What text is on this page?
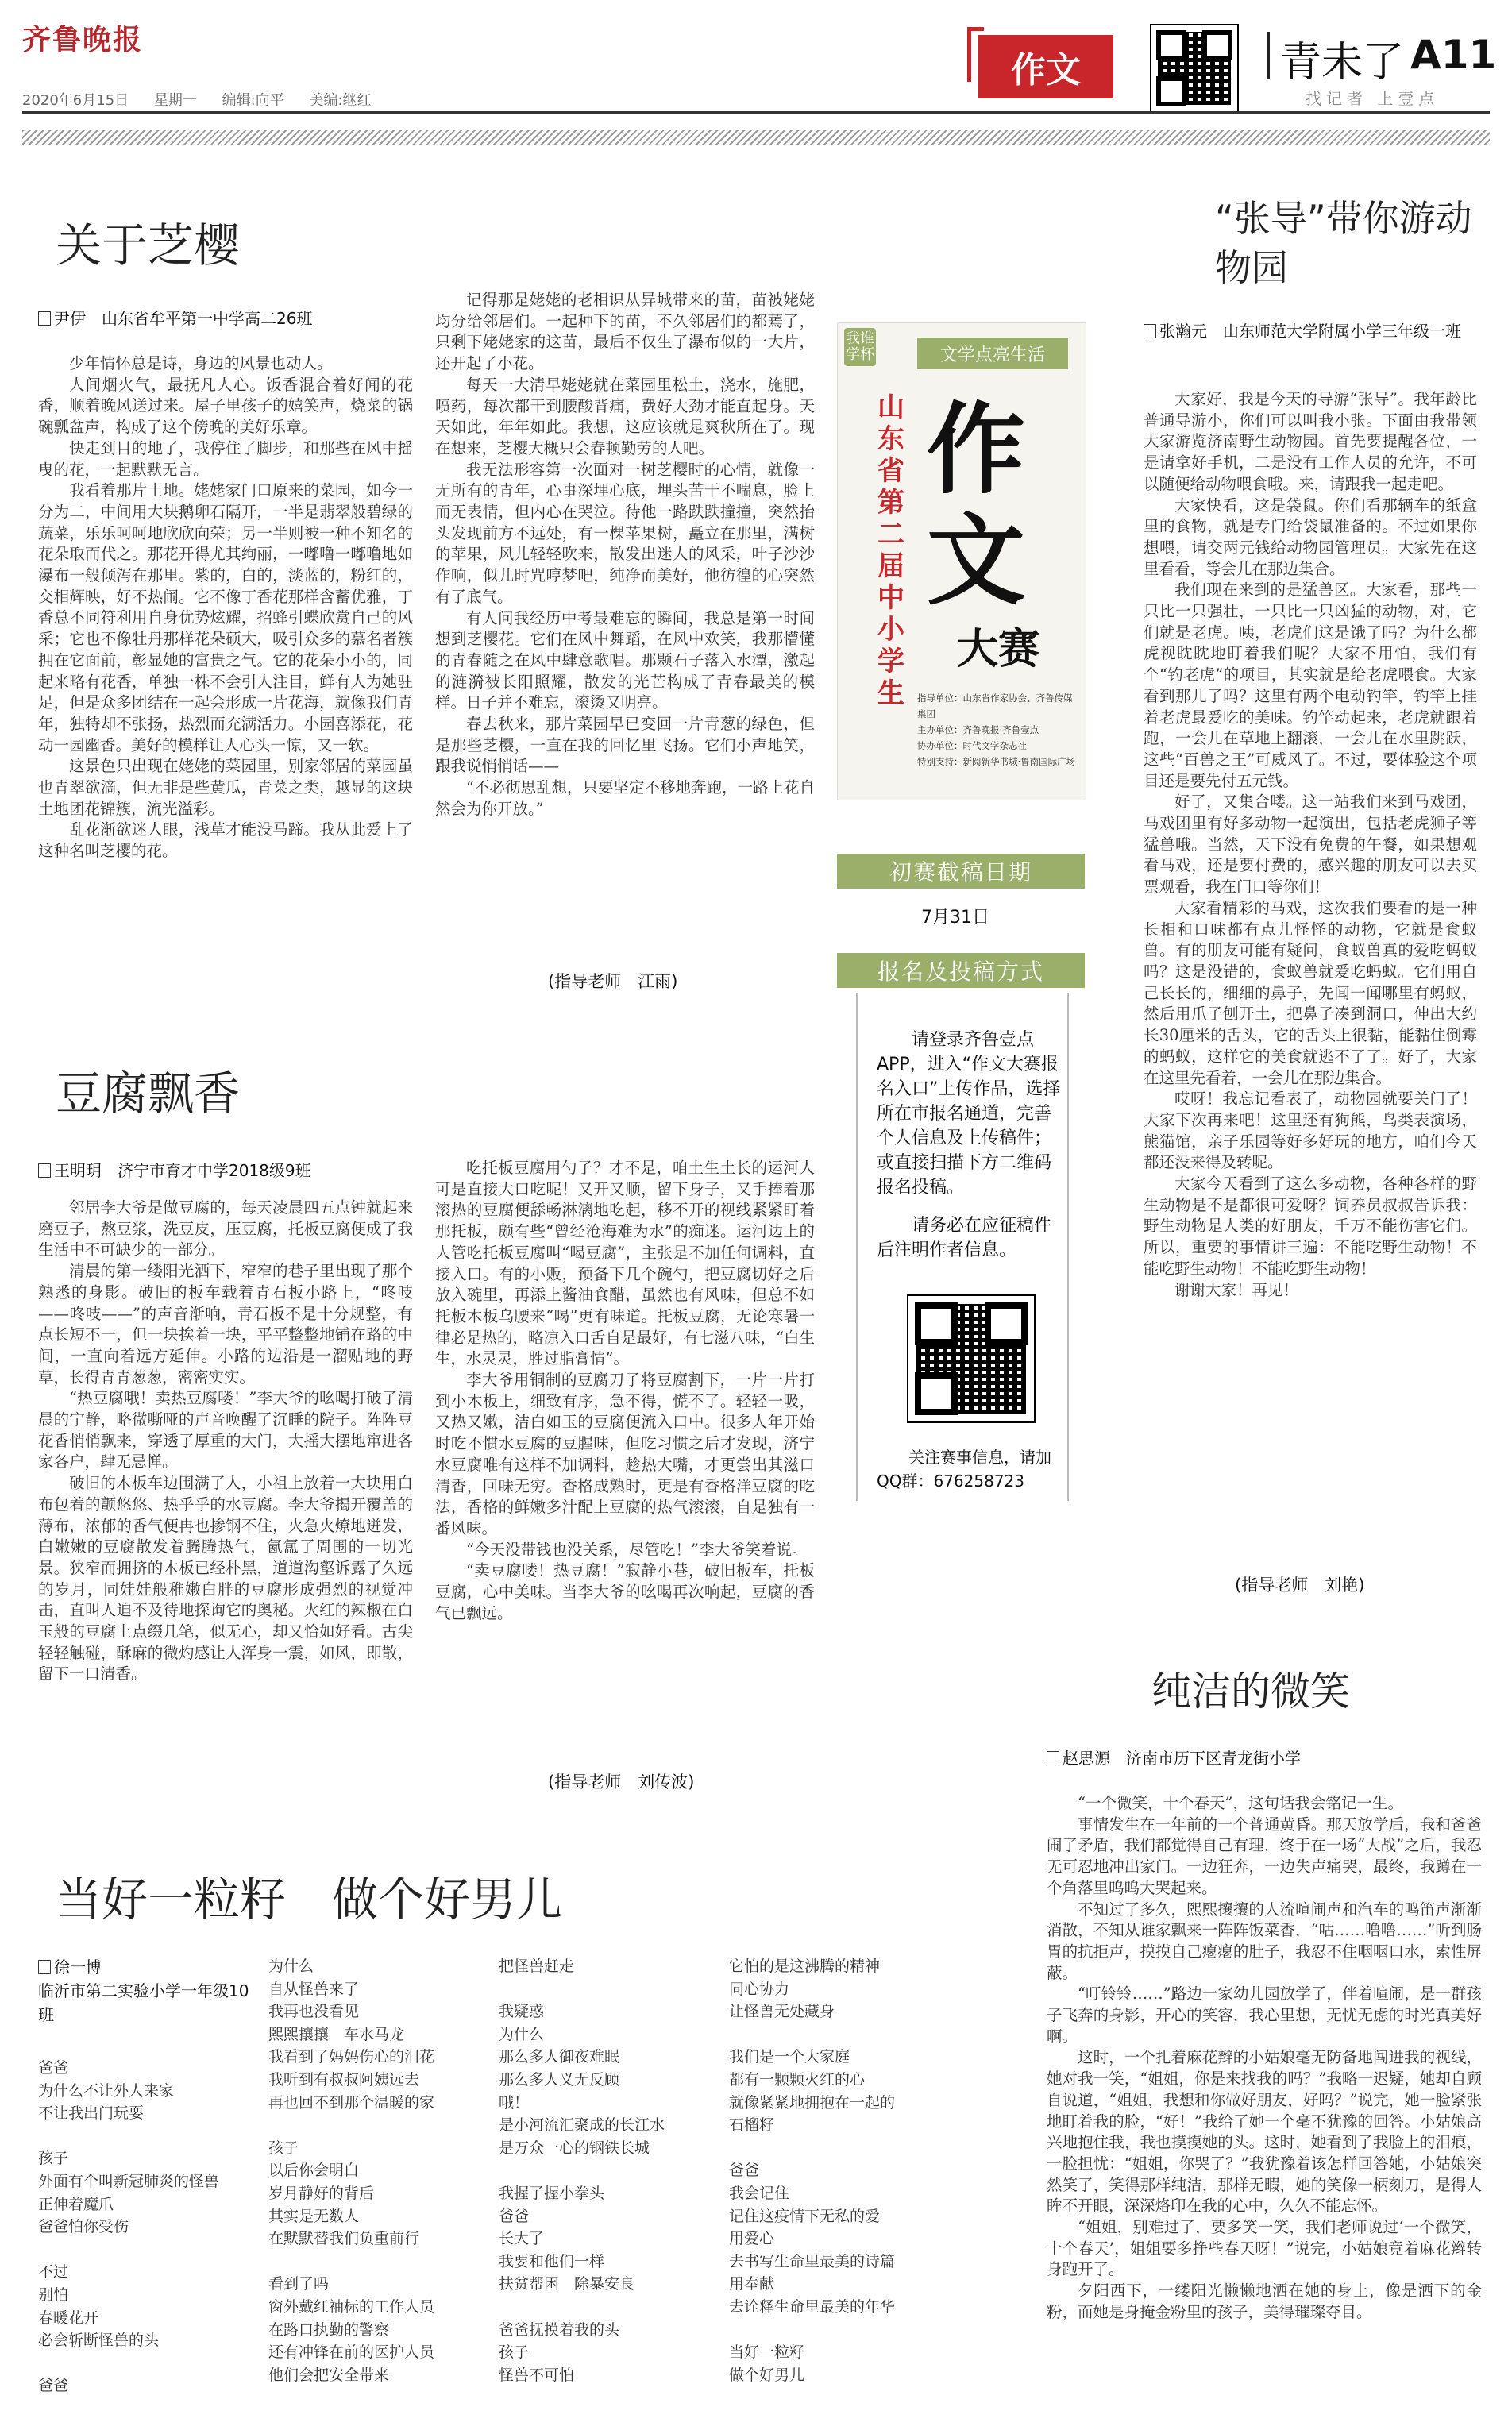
齐鲁晚报
2020年6月15日 星期一 编辑:向平 美编:继红
作文	青未了 A11
找记者 上壹点
关于芝樱
尹伊　山东省牟平第一中学高二26班

少年情怀总是诗，身边的风景也动人。

人间烟火气，最抚凡人心。饭香混合着好闻的花香，顺着晚风送过来。屋子里孩子的嬉笑声，烧菜的锅碗瓢盆声，构成了这个傍晚的美好乐章。

快走到目的地了，我停住了脚步，和那些在风中摇曳的花，一起默默无言。

我看着那片土地。姥姥家门口原来的菜园，如今一分为二，中间用大块鹅卵石隔开，一半是翡翠般碧绿的蔬菜，乐乐呵呵地欣欣向荣；另一半则被一种不知名的花朵取而代之。那花开得尤其绚丽，一嘟噜一嘟噜地如瀑布一般倾泻在那里。紫的，白的，淡蓝的，粉红的，交相辉映，好不热闹。它不像丁香花那样含蓄优雅，丁香总不同符利用自身优势炫耀，招蜂引蝶欣赏自己的风采；它也不像牡丹那样花朵硕大，吸引众多的慕名者簇拥在它面前，彰显她的富贵之气。它的花朵小小的，同起来略有花香，单独一株不会引人注目，鲜有人为她驻足，但是众多团结在一起会形成一片花海，就像我们青年，独特却不张扬，热烈而充满活力。小园喜添花，花动一园幽香。美好的模样让人心头一惊，又一软。

这景色只出现在姥姥的菜园里，别家邻居的菜园虽也青翠欲滴，但无非是些黄瓜，青菜之类，越显的这块土地团花锦簇，流光溢彩。

乱花渐欲迷人眼，浅草才能没马蹄。我从此爱上了这种名叫芝樱的花。

记得那是姥姥的老相识从异城带来的苗，苗被姥姥均分给邻居们。一起种下的苗，不久邻居们的都蔫了，只剩下姥姥家的这苗，最后不仅生了瀑布似的一大片，还开起了小花。

每天一大清早姥姥就在菜园里松土，浇水，施肥，喷药，每次都干到腰酸背痛，费好大劲才能直起身。天天如此，年年如此。我想，这应该就是爽秋所在了。现在想来，芝樱大概只会春顿勤劳的人吧。

我无法形容第一次面对一树芝樱时的心情，就像一无所有的青年，心事深埋心底，埋头苦干不喘息，脸上而无表情，但内心在哭泣。待他一路跌跌撞撞，突然抬头发现前方不远处，有一棵苹果树，矗立在那里，满树的苹果，风儿轻轻吹来，散发出迷人的风采，叶子沙沙作响，似儿时咒哼梦吧，纯净而美好，他彷徨的心突然有了底气。

有人问我经历中考最难忘的瞬间，我总是第一时间想到芝樱花。它们在风中舞蹈，在风中欢笑，我那懵懂的青春随之在风中肆意歌唱。那颗石子落入水潭，激起的涟漪被长阳照耀，散发的光芒构成了青春最美的模样。日子并不难忘，滚烫又明亮。

春去秋来，那片菜园早已变回一片青葱的绿色，但是那些芝樱，一直在我的回忆里飞扬。它们小声地笑，跟我说悄悄话——

“不必彻思乱想，只要坚定不移地奔跑，一路上花自然会为你开放。”

(指导老师　江雨)
豆腐飘香
王明玥　济宁市育才中学2018级9班

邻居李大爷是做豆腐的，每天凌晨四五点钟就起来磨豆子，熬豆浆，洗豆皮，压豆腐，托板豆腐便成了我生活中不可缺少的一部分。

清晨的第一缕阳光洒下，窄窄的巷子里出现了那个熟悉的身影。破旧的板车载着青石板小路上，“咚吱——咚吱——”的声音渐响，青石板不是十分规整，有点长短不一，但一块挨着一块，平平整整地铺在路的中间，一直向着远方延伸。小路的边沿是一溜贴地的野草，长得青青葱葱，密密实实。

“热豆腐哦！卖热豆腐喽！”李大爷的吆喝打破了清晨的宁静，略微嘶哑的声音唤醒了沉睡的院子。阵阵豆花香悄悄飘来，穿透了厚重的大门，大摇大摆地窜进各家各户，肆无忌惮。

破旧的木板车边围满了人，小祖上放着一大块用白布包着的颤悠悠、热乎乎的水豆腐。李大爷揭开覆盖的薄布，浓郁的香气便冉也掺钢不住，火急火燎地迸发，白嫩嫩的豆腐散发着腾腾热气，氤氲了周围的一切光景。狭窄而拥挤的木板已经朴黑，道道沟壑诉露了久远的岁月，同娃娃般稚嫩白胖的豆腐形成强烈的视觉冲击，直叫人迫不及待地探询它的奥秘。火红的辣椒在白玉般的豆腐上点缀几笔，似无心，却又恰如好看。古尖轻轻触碰，酥麻的微灼感让人浑身一震，如风，即散，留下一口清香。

吃托板豆腐用勺子？才不是，咱土生土长的运河人可是直接大口吃呢！又开又顺，留下身子，又手捧着那滚热的豆腐便舔畅淋漓地吃起，移不开的视线紧紧盯着那托板，颇有些“曾经沧海难为水”的痴迷。运河边上的人管吃托板豆腐叫“喝豆腐”，主张是不加任何调料，直接入口。有的小贩，预备下几个碗勺，把豆腐切好之后放入碗里，再添上酱油食醋，虽然也有风味，但总不如托板木板乌腰来“喝”更有味道。托板豆腐，无论寒暑一律必是热的，略凉入口舌自是最好，有七滋八味，“白生生，水灵灵，胜过脂膏情”。

李大爷用铜制的豆腐刀子将豆腐割下，一片一片打到小木板上，细致有序，急不得，慌不了。轻轻一吸，又热又嫩，洁白如玉的豆腐便流入口中。很多人年开始时吃不惯水豆腐的豆腥味，但吃习惯之后才发现，济宁水豆腐唯有这样不加调料，趁热大嘴，才更尝出其滋口清香，回味无穷。香格成熟时，更是有香格洋豆腐的吃法，香格的鲜嫩多汁配上豆腐的热气滚滚，自是独有一番风味。

“今天没带钱也没关系，尽管吃！”李大爷笑着说。

“卖豆腐喽！热豆腐！”寂静小巷，破旧板车，托板豆腐，心中美味。当李大爷的吆喝再次响起，豆腐的香气已飘远。

(指导老师　刘传波)
我谁学杯	文学点亮生活
山东省第二届中小学生
作文
大赛
指导单位：山东省作家协会、齐鲁传媒集团
主办单位：齐鲁晚报·齐鲁壹点
协办单位：时代文学杂志社
特别支持：新阅新华书城·鲁南国际广场
初赛截稿日期
7月31日
报名及投稿方式
请登录齐鲁壹点APP，进入“作文大赛报名入口”上传作品，选择所在市报名通道，完善个人信息及上传稿件；或直接扫描下方二维码报名投稿。
请务必在应征稿件后注明作者信息。
关注赛事信息，请加QQ群：676258723
“张导”带你游动物园
张瀚元　山东师范大学附属小学三年级一班

大家好，我是今天的导游“张导”。我年龄比普通导游小，你们可以叫我小张。下面由我带领大家游览济南野生动物园。首先要提醒各位，一是请拿好手机，二是没有工作人员的允许，不可以随便给动物喂食哦。来，请跟我一起走吧。

大家快看，这是袋鼠。你们看那辆车的纸盒里的食物，就是专门给袋鼠准备的。不过如果你想喂，请交两元钱给动物园管理员。大家先在这里看看，等会儿在那边集合。

我们现在来到的是猛兽区。大家看，那些一只比一只强壮，一只比一只凶猛的动物，对，它们就是老虎。咦，老虎们这是饿了吗？为什么都虎视眈眈地盯着我们呢？大家不用怕，我们有个“钓老虎”的项目，其实就是给老虎喂食。大家看到那儿了吗？这里有两个电动钓竿，钓竿上挂着老虎最爱吃的美味。钓竿动起来，老虎就跟着跑，一会儿在草地上翻滚，一会儿在水里跳跃，这些“百兽之王”可威风了。不过，要体验这个项目还是要先付五元钱。

好了，又集合喽。这一站我们来到马戏团，马戏团里有好多动物一起演出，包括老虎狮子等猛兽哦。当然，天下没有免费的午餐，如果想观看马戏，还是要付费的，感兴趣的朋友可以去买票观看，我在门口等你们！

大家看精彩的马戏，这次我们要看的是一种长相和口味都有点儿怪怪的动物，它就是食蚁兽。有的朋友可能有疑问，食蚁兽真的爱吃蚂蚁吗？这是没错的，食蚁兽就爱吃蚂蚁。它们用自己长长的，细细的鼻子，先闻一闻哪里有蚂蚁，然后用爪子刨开土，把鼻子凑到洞口，伸出大约长30厘米的舌头，它的舌头上很黏，能黏住倒霉的蚂蚁，这样它的美食就逃不了了。好了，大家在这里先看着，一会儿在那边集合。

哎呀！我忘记看表了，动物园就要关门了！大家下次再来吧！这里还有狗熊，鸟类表演场，熊猫馆，亲子乐园等好多好玩的地方，咱们今天都还没来得及转呢。

大家今天看到了这么多动物，各种各样的野生动物是不是都很可爱呀？饲养员叔叔告诉我：野生动物是人类的好朋友，千万不能伤害它们。所以，重要的事情讲三遍：不能吃野生动物！不能吃野生动物！不能吃野生动物！

谢谢大家！再见！

(指导老师　刘艳)
纯洁的微笑
赵思源　济南市历下区青龙街小学

“一个微笑，十个春天”，这句话我会铭记一生。

事情发生在一年前的一个普通黄昏。那天放学后，我和爸爸闹了矛盾，我们都觉得自己有理，终于在一场“大战”之后，我忍无可忍地冲出家门。一边狂奔，一边失声痛哭，最终，我蹲在一个角落里呜呜大哭起来。

不知过了多久，熙熙攘攘的人流喧闹声和汽车的鸣笛声渐渐消散，不知从谁家飘来一阵阵饭菜香，“咕……噜噜……”听到肠胃的抗拒声，摸摸自己瘪瘪的肚子，我忍不住咽咽口水，索性屏蔽。

“叮铃铃……”路边一家幼儿园放学了，伴着喧闹，是一群孩子飞奔的身影，开心的笑容，我心里想，无忧无虑的时光真美好啊。

这时，一个扎着麻花辫的小姑娘毫无防备地闯进我的视线，她对我一笑，“姐姐，你是来找我的吗？”我略一迟疑，她却自顾自说道，“姐姐，我想和你做好朋友，好吗？”说完，她一脸紧张地盯着我的脸，“好！”我给了她一个毫不犹豫的回答。小姑娘高兴地抱住我，我也摸摸她的头。这时，她看到了我脸上的泪痕，一脸担忧：“姐姐，你哭了？”我犹豫着该怎样回答她，小姑娘突然笑了，笑得那样纯洁，那样无暇，她的笑像一柄刻刀，是得人眸不开眼，深深烙印在我的心中，久久不能忘怀。

“姐姐，别难过了，要多笑一笑，我们老师说过‘一个微笑，十个春天’，姐姐要多挣些春天呀！”说完，小姑娘竟着麻花辫转身跑开了。

夕阳西下，一缕阳光懒懒地洒在她的身上，像是洒下的金粉，而她是身掩金粉里的孩子，美得璀璨夺目。

当好一粒籽　做个好男儿
徐一博
临沂市第二实验小学一年级10班
爸爸
为什么不让外人来家
不让我出门玩耍

孩子
外面有个叫新冠肺炎的怪兽
正伸着魔爪
爸爸怕你受伤

不过
别怕
春暖花开
必会斩断怪兽的头

爸爸
为什么
自从怪兽来了
我再也没看见
熙熙攘攘　车水马龙
我看到了妈妈伤心的泪花
我听到有叔叔阿姨远去
再也回不到那个温暖的家

孩子
以后你会明白
岁月静好的背后
其实是无数人
在默默替我们负重前行

看到了吗
窗外戴红袖标的工作人员
在路口执勤的警察
还有冲锋在前的医护人员
他们会把安全带来
把怪兽赶走

我疑惑
为什么
那么多人御夜难眠
那么多人义无反顾
哦！
是小河流汇聚成的长江水
是万众一心的钢铁长城

我握了握小拳头
爸爸
长大了
我要和他们一样
扶贫帮困　除暴安良

爸爸抚摸着我的头
孩子
怪兽不可怕
它怕的是这沸腾的精神
同心协力
让怪兽无处藏身

我们是一个大家庭
都有一颗颗火红的心
就像紧紧地拥抱在一起的
石榴籽

爸爸
我会记住
记住这疫情下无私的爱
用爱心
去书写生命里最美的诗篇
用奉献
去诠释生命里最美的年华

当好一粒籽
做个好男儿
